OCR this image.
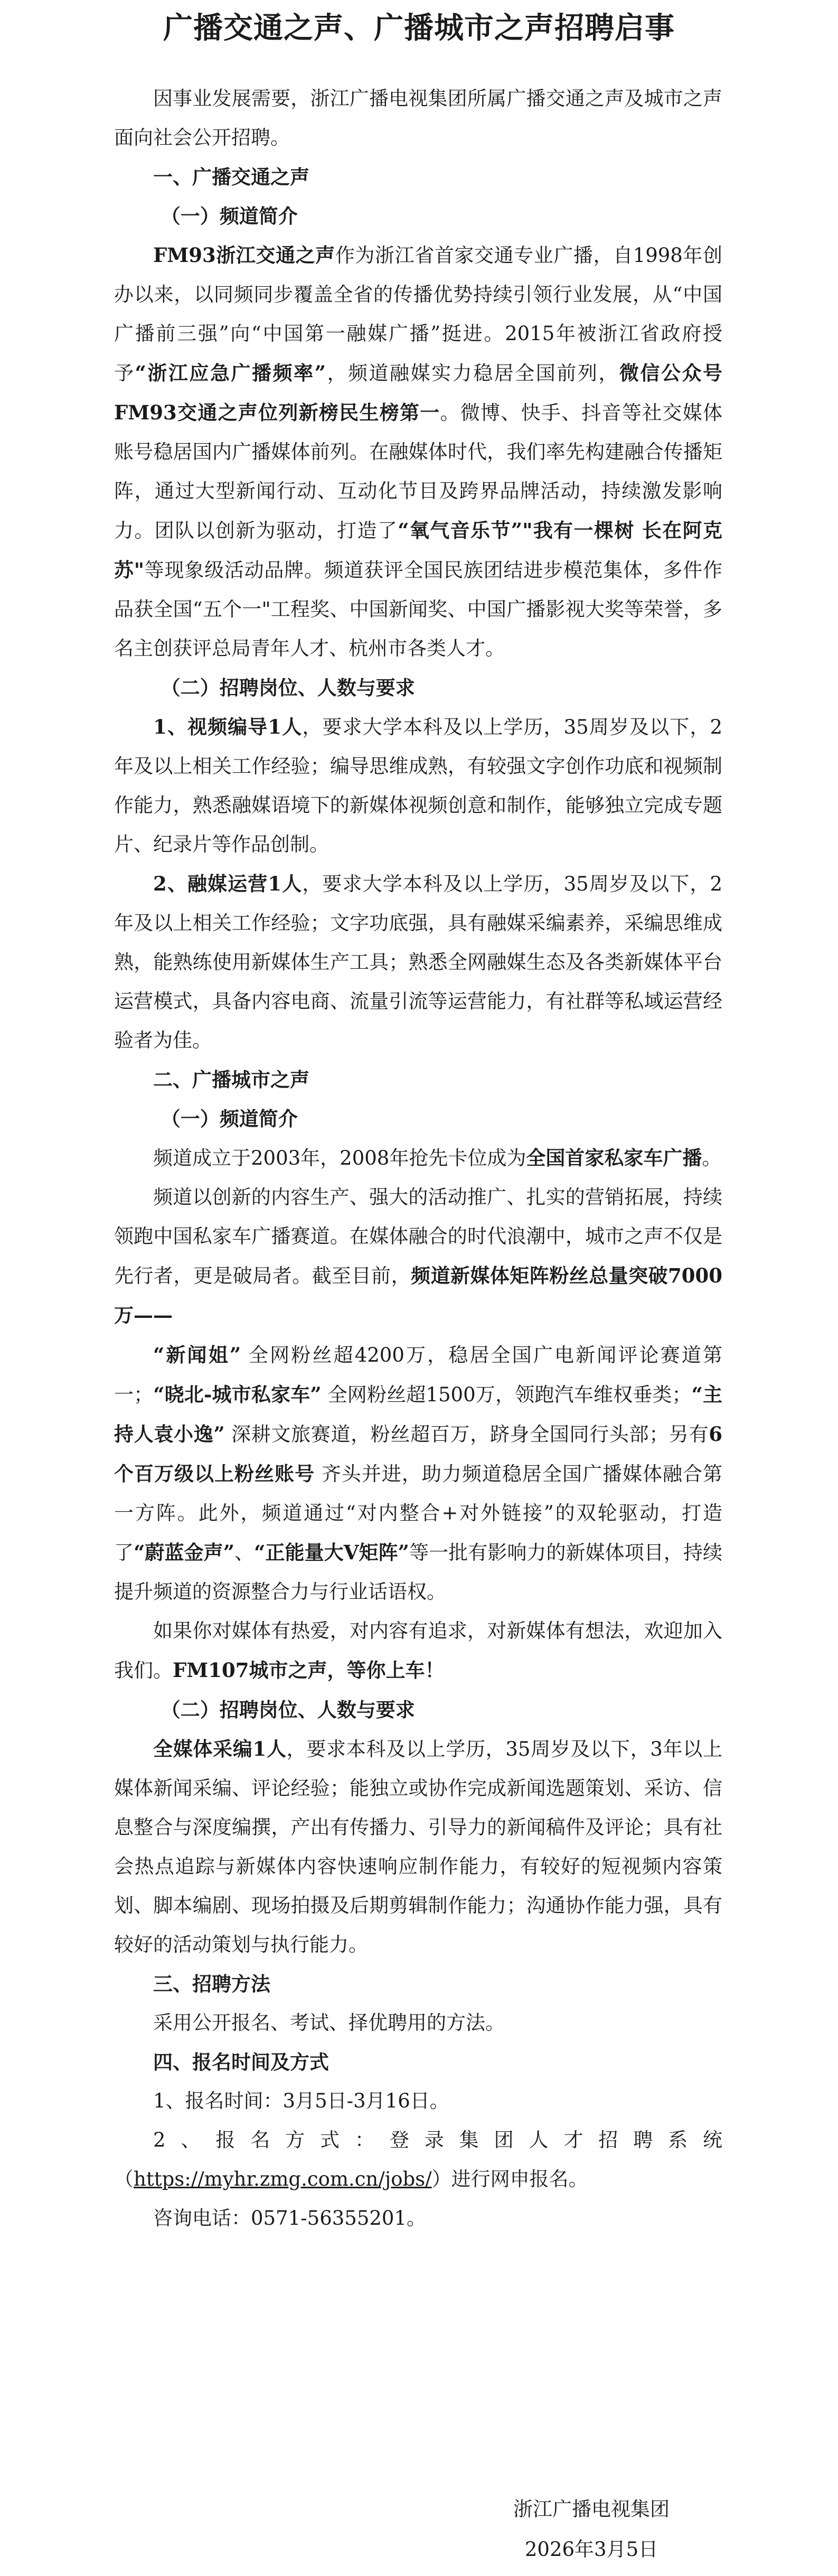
广播交通之声、广播城市之声招聘启事

因事业发展需要，浙江广播电视集团所属广播交通之声及城市之声面向社会公开招聘。

一、广播交通之声

（一）频道简介

FM93浙江交通之声作为浙江省首家交通专业广播，自1998年创办以来，以同频同步覆盖全省的传播优势持续引领行业发展，从“中国广播前三强”向“中国第一融媒广播”挺进。2015年被浙江省政府授予“浙江应急广播频率”，频道融媒实力稳居全国前列，微信公众号FM93交通之声位列新榜民生榜第一。微博、快手、抖音等社交媒体账号稳居国内广播媒体前列。在融媒体时代，我们率先构建融合传播矩阵，通过大型新闻行动、互动化节目及跨界品牌活动，持续激发影响力。团队以创新为驱动，打造了“氧气音乐节”"我有一棵树 长在阿克苏"等现象级活动品牌。频道获评全国民族团结进步模范集体，多件作品获全国“五个一"工程奖、中国新闻奖、中国广播影视大奖等荣誉，多名主创获评总局青年人才、杭州市各类人才。

（二）招聘岗位、人数与要求

1、视频编导1人，要求大学本科及以上学历，35周岁及以下，2年及以上相关工作经验；编导思维成熟，有较强文字创作功底和视频制作能力，熟悉融媒语境下的新媒体视频创意和制作，能够独立完成专题片、纪录片等作品创制。

2、融媒运营1人，要求大学本科及以上学历，35周岁及以下，2年及以上相关工作经验；文字功底强，具有融媒采编素养，采编思维成熟，能熟练使用新媒体生产工具；熟悉全网融媒生态及各类新媒体平台运营模式，具备内容电商、流量引流等运营能力，有社群等私域运营经验者为佳。

二、广播城市之声

（一）频道简介

频道成立于2003年，2008年抢先卡位成为全国首家私家车广播。

频道以创新的内容生产、强大的活动推广、扎实的营销拓展，持续领跑中国私家车广播赛道。在媒体融合的时代浪潮中，城市之声不仅是先行者，更是破局者。截至目前，频道新媒体矩阵粉丝总量突破7000万——

“新闻姐” 全网粉丝超4200万，稳居全国广电新闻评论赛道第一；“晓北-城市私家车” 全网粉丝超1500万，领跑汽车维权垂类；“主持人袁小逸” 深耕文旅赛道，粉丝超百万，跻身全国同行头部；另有6个百万级以上粉丝账号 齐头并进，助力频道稳居全国广播媒体融合第一方阵。此外，频道通过“对内整合+对外链接”的双轮驱动，打造了“蔚蓝金声”、“正能量大V矩阵”等一批有影响力的新媒体项目，持续提升频道的资源整合力与行业话语权。

如果你对媒体有热爱，对内容有追求，对新媒体有想法，欢迎加入我们。FM107城市之声，等你上车！

（二）招聘岗位、人数与要求

全媒体采编1人，要求本科及以上学历，35周岁及以下，3年以上媒体新闻采编、评论经验；能独立或协作完成新闻选题策划、采访、信息整合与深度编撰，产出有传播力、引导力的新闻稿件及评论；具有社会热点追踪与新媒体内容快速响应制作能力，有较好的短视频内容策划、脚本编剧、现场拍摄及后期剪辑制作能力；沟通协作能力强，具有较好的活动策划与执行能力。

三、招聘方法

采用公开报名、考试、择优聘用的方法。

四、报名时间及方式

1、报名时间：3月5日-3月16日。

2、报名方式：登录集团人才招聘系统（https://myhr.zmg.com.cn/jobs/）进行网申报名。

咨询电话：0571-56355201。

浙江广播电视集团
2026年3月5日
